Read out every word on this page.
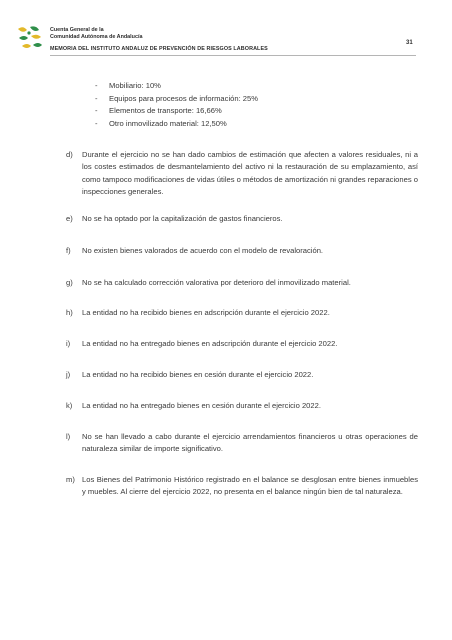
Cuenta General de la
Comunidad Autónoma de Andalucía
MEMORIA DEL INSTITUTO ANDALUZ DE PREVENCIÓN DE RIESGOS LABORALES
31
- Mobiliario: 10%
- Equipos para procesos de información: 25%
- Elementos de transporte: 16,66%
- Otro inmovilizado material: 12,50%
d) Durante el ejercicio no se han dado cambios de estimación que afecten a valores residuales, ni a los costes estimados de desmantelamiento del activo ni la restauración de su emplazamiento, así como tampoco modificaciones de vidas útiles o métodos de amortización ni grandes reparaciones o inspecciones generales.
e) No se ha optado por la capitalización de gastos financieros.
f) No existen bienes valorados de acuerdo con el modelo de revaloración.
g) No se ha calculado corrección valorativa por deterioro del inmovilizado material.
h) La entidad no ha recibido bienes en adscripción durante el ejercicio 2022.
i) La entidad no ha entregado bienes en adscripción durante el ejercicio 2022.
j) La entidad no ha recibido bienes en cesión durante el ejercicio 2022.
k) La entidad no ha entregado bienes en cesión durante el ejercicio 2022.
l) No se han llevado a cabo durante el ejercicio arrendamientos financieros u otras operaciones de naturaleza similar de importe significativo.
m) Los Bienes del Patrimonio Histórico registrado en el balance se desglosan entre bienes inmuebles y muebles. Al cierre del ejercicio 2022, no presenta en el balance ningún bien de tal naturaleza.
